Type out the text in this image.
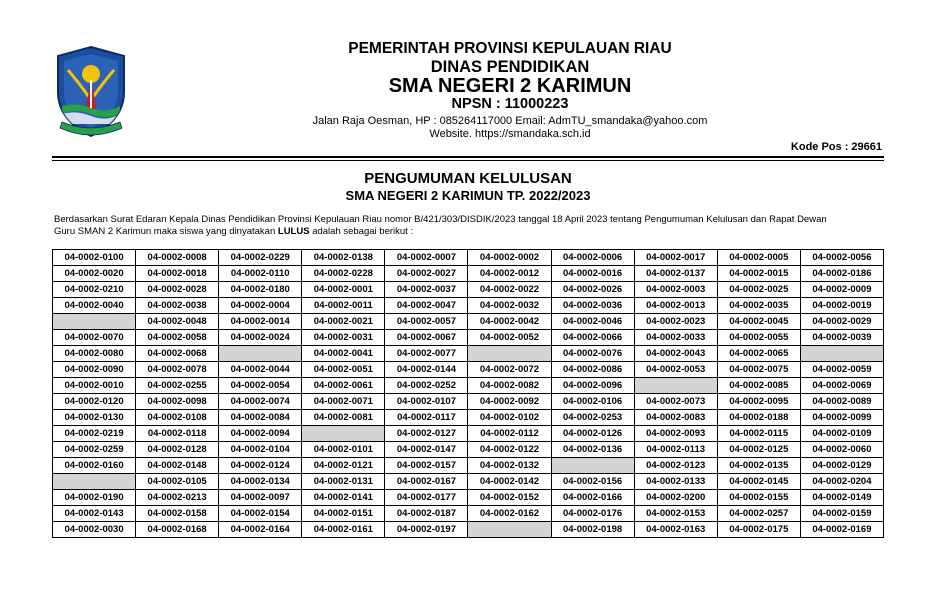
PEMERINTAH PROVINSI KEPULAUAN RIAU
DINAS PENDIDIKAN
SMA NEGERI 2 KARIMUN
NPSN : 11000223
Jalan Raja Oesman, HP : 085264117000 Email: AdmTU_smandaka@yahoo.com
Website. https://smandaka.sch.id
Kode Pos : 29661
PENGUMUMAN KELULUSAN
SMA NEGERI 2 KARIMUN TP. 2022/2023

Berdasarkan Surat Edaran Kepala Dinas Pendidikan Provinsi Kepulauan Riau nomor B/421/303/DISDIK/2023 tanggal 18 April 2023 tentang Pengumuman Kelulusan dan Rapat Dewan

Guru SMAN 2 Karimun maka siswa yang dinyatakan LULUS adalah sebagai berikut :

04-0002-0100	04-0002-0008	04-0002-0229	04-0002-0138	04-0002-0007	04-0002-0002	04-0002-0006	04-0002-0017	04-0002-0005	04-0002-0056
04-0002-0020	04-0002-0018	04-0002-0110	04-0002-0228	04-0002-0027	04-0002-0012	04-0002-0016	04-0002-0137	04-0002-0015	04-0002-0186
04-0002-0210	04-0002-0028	04-0002-0180	04-0002-0001	04-0002-0037	04-0002-0022	04-0002-0026	04-0002-0003	04-0002-0025	04-0002-0009
04-0002-0040	04-0002-0038	04-0002-0004	04-0002-0011	04-0002-0047	04-0002-0032	04-0002-0036	04-0002-0013	04-0002-0035	04-0002-0019
	04-0002-0048	04-0002-0014	04-0002-0021	04-0002-0057	04-0002-0042	04-0002-0046	04-0002-0023	04-0002-0045	04-0002-0029
04-0002-0070	04-0002-0058	04-0002-0024	04-0002-0031	04-0002-0067	04-0002-0052	04-0002-0066	04-0002-0033	04-0002-0055	04-0002-0039
04-0002-0080	04-0002-0068		04-0002-0041	04-0002-0077		04-0002-0076	04-0002-0043	04-0002-0065	
04-0002-0090	04-0002-0078	04-0002-0044	04-0002-0051	04-0002-0144	04-0002-0072	04-0002-0086	04-0002-0053	04-0002-0075	04-0002-0059
04-0002-0010	04-0002-0255	04-0002-0054	04-0002-0061	04-0002-0252	04-0002-0082	04-0002-0096		04-0002-0085	04-0002-0069
04-0002-0120	04-0002-0098	04-0002-0074	04-0002-0071	04-0002-0107	04-0002-0092	04-0002-0106	04-0002-0073	04-0002-0095	04-0002-0089
04-0002-0130	04-0002-0108	04-0002-0084	04-0002-0081	04-0002-0117	04-0002-0102	04-0002-0253	04-0002-0083	04-0002-0188	04-0002-0099
04-0002-0219	04-0002-0118	04-0002-0094		04-0002-0127	04-0002-0112	04-0002-0126	04-0002-0093	04-0002-0115	04-0002-0109
04-0002-0259	04-0002-0128	04-0002-0104	04-0002-0101	04-0002-0147	04-0002-0122	04-0002-0136	04-0002-0113	04-0002-0125	04-0002-0060
04-0002-0160	04-0002-0148	04-0002-0124	04-0002-0121	04-0002-0157	04-0002-0132		04-0002-0123	04-0002-0135	04-0002-0129
	04-0002-0105	04-0002-0134	04-0002-0131	04-0002-0167	04-0002-0142	04-0002-0156	04-0002-0133	04-0002-0145	04-0002-0204
04-0002-0190	04-0002-0213	04-0002-0097	04-0002-0141	04-0002-0177	04-0002-0152	04-0002-0166	04-0002-0200	04-0002-0155	04-0002-0149
04-0002-0143	04-0002-0158	04-0002-0154	04-0002-0151	04-0002-0187	04-0002-0162	04-0002-0176	04-0002-0153	04-0002-0257	04-0002-0159
04-0002-0030	04-0002-0168	04-0002-0164	04-0002-0161	04-0002-0197		04-0002-0198	04-0002-0163	04-0002-0175	04-0002-0169
